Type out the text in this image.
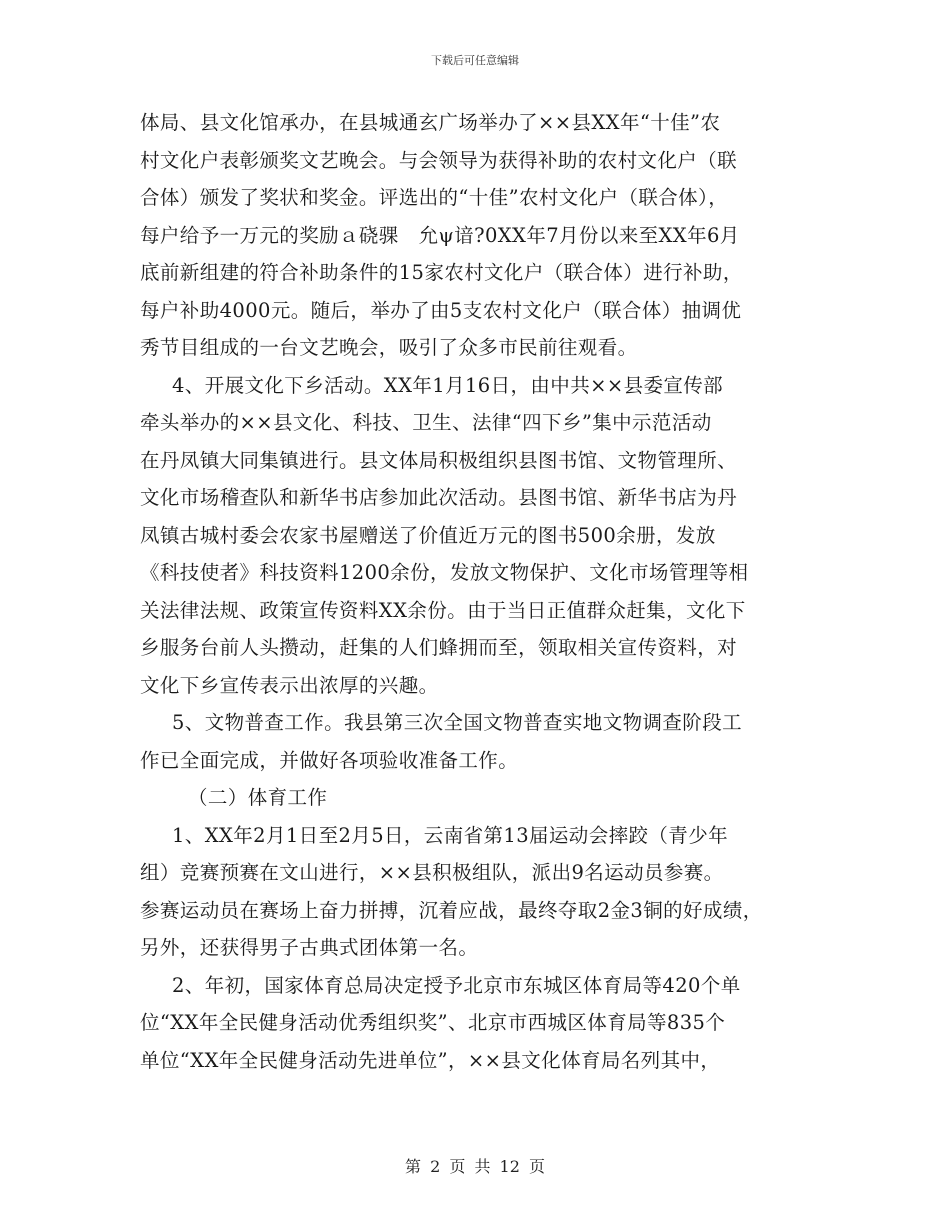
下载后可任意编辑
体局、县文化馆承办，在县城通玄广场举办了××县XX年“十佳”农
村文化户表彰颁奖文艺晚会。与会领导为获得补助的农村文化户（联
合体）颁发了奖状和奖金。评选出的“十佳”农村文化户（联合体），
每户给予一万元的奖励ａ硗骒　允ψ谙?0XX年7月份以来至XX年6月
底前新组建的符合补助条件的15家农村文化户（联合体）进行补助，
每户补助4000元。随后，举办了由5支农村文化户（联合体）抽调优
秀节目组成的一台文艺晚会，吸引了众多市民前往观看。
4、开展文化下乡活动。XX年1月16日，由中共××县委宣传部
牵头举办的××县文化、科技、卫生、法律“四下乡”集中示范活动
在丹凤镇大同集镇进行。县文体局积极组织县图书馆、文物管理所、
文化市场稽查队和新华书店参加此次活动。县图书馆、新华书店为丹
凤镇古城村委会农家书屋赠送了价值近万元的图书500余册，发放
《科技使者》科技资料1200余份，发放文物保护、文化市场管理等相
关法律法规、政策宣传资料XX余份。由于当日正值群众赶集，文化下
乡服务台前人头攒动，赶集的人们蜂拥而至，领取相关宣传资料，对
文化下乡宣传表示出浓厚的兴趣。
5、文物普查工作。我县第三次全国文物普查实地文物调查阶段工
作已全面完成，并做好各项验收准备工作。
（二）体育工作
1、XX年2月1日至2月5日，云南省第13届运动会摔跤（青少年
组）竞赛预赛在文山进行，××县积极组队，派出9名运动员参赛。
参赛运动员在赛场上奋力拼搏，沉着应战，最终夺取2金3铜的好成绩，
另外，还获得男子古典式团体第一名。
2、年初，国家体育总局决定授予北京市东城区体育局等420个单
位“XX年全民健身活动优秀组织奖”、北京市西城区体育局等835个
单位“XX年全民健身活动先进单位”，××县文化体育局名列其中，
第 2 页 共 12 页
